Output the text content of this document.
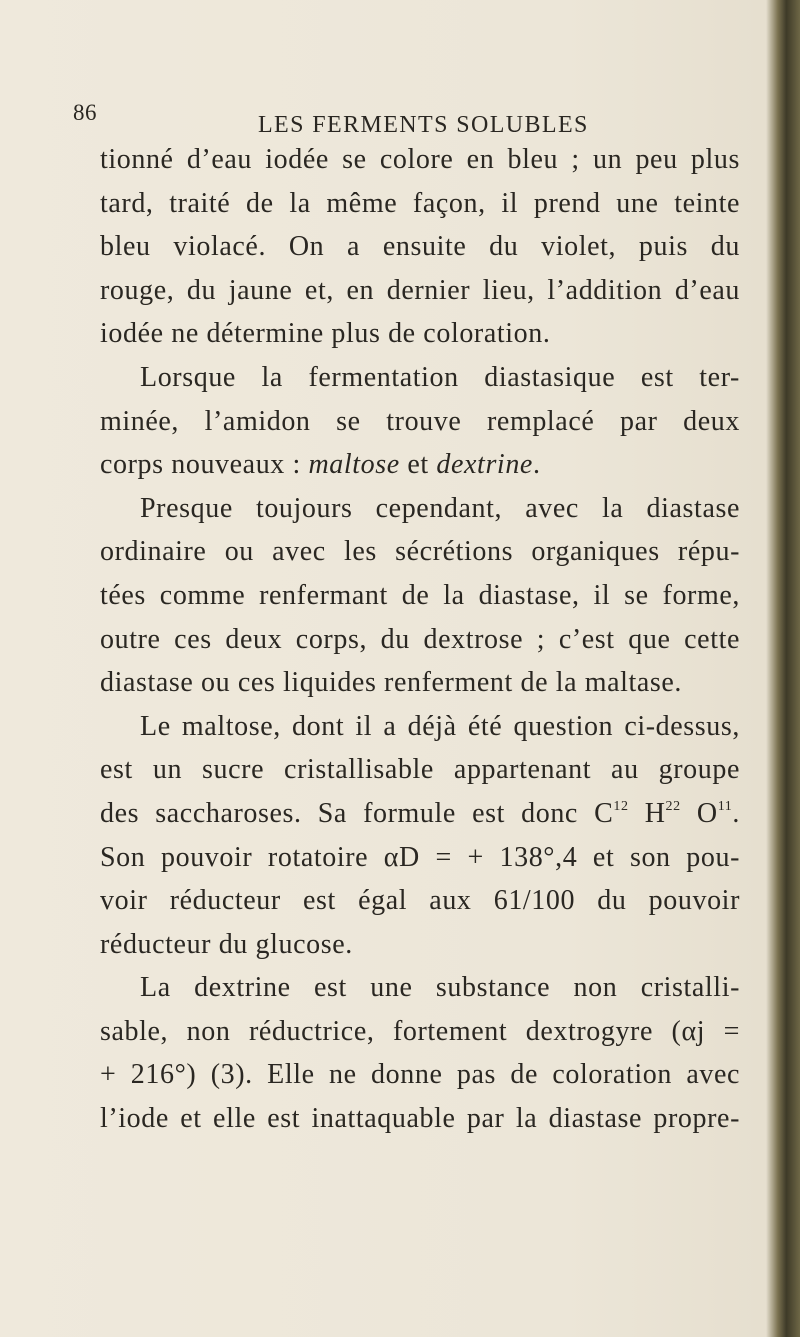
86	LES FERMENTS SOLUBLES
tionné d’eau iodée se colore en bleu ; un peu plus
tard, traité de la même façon, il prend une teinte
bleu violacé. On a ensuite du violet, puis du
rouge, du jaune et, en dernier lieu, l’addition d’eau
iodée ne détermine plus de coloration.
Lorsque la fermentation diastasique est ter-
minée, l’amidon se trouve remplacé par deux
corps nouveaux : maltose et dextrine.
Presque toujours cependant, avec la diastase
ordinaire ou avec les sécrétions organiques répu-
tées comme renfermant de la diastase, il se forme,
outre ces deux corps, du dextrose ; c’est que cette
diastase ou ces liquides renferment de la maltase.
Le maltose, dont il a déjà été question ci-dessus,
est un sucre cristallisable appartenant au groupe
des saccharoses. Sa formule est donc $C^{12}$ $H^{22}$ $O^{11}$.
Son pouvoir rotatoire αD = + 138°,4 et son pou-
voir réducteur est égal aux 61/100 du pouvoir
réducteur du glucose.
La dextrine est une substance non cristalli-
sable, non réductrice, fortement dextrogyre (αj =
+ 216°) (3). Elle ne donne pas de coloration avec
l’iode et elle est inattaquable par la diastase propre-
